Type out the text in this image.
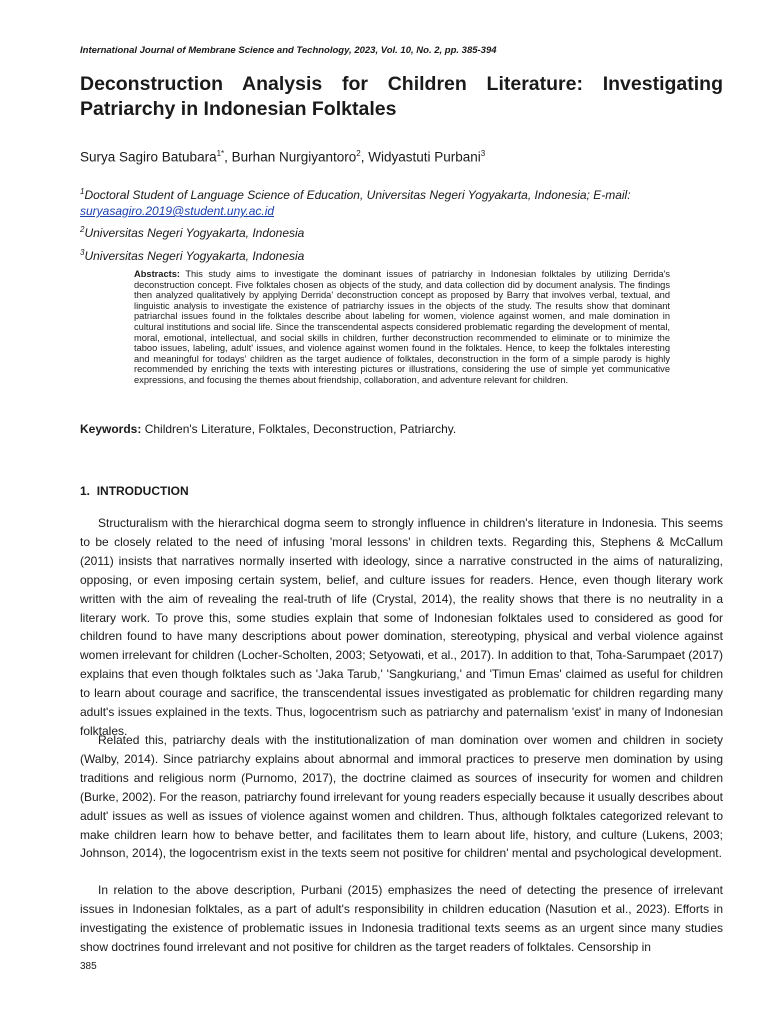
International Journal of Membrane Science and Technology, 2023, Vol. 10, No. 2, pp. 385-394
Deconstruction Analysis for Children Literature: Investigating Patriarchy in Indonesian Folktales
Surya Sagiro Batubara$^{1*}$, Burhan Nurgiyantoro$^2$, Widyastuti Purbani$^3$
$^1$Doctoral Student of Language Science of Education, Universitas Negeri Yogyakarta, Indonesia; E-mail: suryasagiro.2019@student.uny.ac.id
$^2$Universitas Negeri Yogyakarta, Indonesia
$^3$Universitas Negeri Yogyakarta, Indonesia
Abstracts: This study aims to investigate the dominant issues of patriarchy in Indonesian folktales by utilizing Derrida's deconstruction concept. Five folktales chosen as objects of the study, and data collection did by document analysis. The findings then analyzed qualitatively by applying Derrida' deconstruction concept as proposed by Barry that involves verbal, textual, and linguistic analysis to investigate the existence of patriarchy issues in the objects of the study. The results show that dominant patriarchal issues found in the folktales describe about labeling for women, violence against women, and male domination in cultural institutions and social life. Since the transcendental aspects considered problematic regarding the development of mental, moral, emotional, intellectual, and social skills in children, further deconstruction recommended to eliminate or to minimize the taboo issues, labeling, adult' issues, and violence against women found in the folktales. Hence, to keep the folktales interesting and meaningful for todays' children as the target audience of folktales, deconstruction in the form of a simple parody is highly recommended by enriching the texts with interesting pictures or illustrations, considering the use of simple yet communicative expressions, and focusing the themes about friendship, collaboration, and adventure relevant for children.
Keywords: Children's Literature, Folktales, Deconstruction, Patriarchy.
1. INTRODUCTION

Structuralism with the hierarchical dogma seem to strongly influence in children's literature in Indonesia. This seems to be closely related to the need of infusing 'moral lessons' in children texts. Regarding this, Stephens & McCallum (2011) insists that narratives normally inserted with ideology, since a narrative constructed in the aims of naturalizing, opposing, or even imposing certain system, belief, and culture issues for readers. Hence, even though literary work written with the aim of revealing the real-truth of life (Crystal, 2014), the reality shows that there is no neutrality in a literary work. To prove this, some studies explain that some of Indonesian folktales used to considered as good for children found to have many descriptions about power domination, stereotyping, physical and verbal violence against women irrelevant for children (Locher-Scholten, 2003; Setyowati, et al., 2017). In addition to that, Toha-Sarumpaet (2017) explains that even though folktales such as 'Jaka Tarub,' 'Sangkuriang,' and 'Timun Emas' claimed as useful for children to learn about courage and sacrifice, the transcendental issues investigated as problematic for children regarding many adult's issues explained in the texts. Thus, logocentrism such as patriarchy and paternalism 'exist' in many of Indonesian folktales.

Related this, patriarchy deals with the institutionalization of man domination over women and children in society (Walby, 2014). Since patriarchy explains about abnormal and immoral practices to preserve men domination by using traditions and religious norm (Purnomo, 2017), the doctrine claimed as sources of insecurity for women and children (Burke, 2002). For the reason, patriarchy found irrelevant for young readers especially because it usually describes about adult' issues as well as issues of violence against women and children. Thus, although folktales categorized relevant to make children learn how to behave better, and facilitates them to learn about life, history, and culture (Lukens, 2003; Johnson, 2014), the logocentrism exist in the texts seem not positive for children' mental and psychological development.

In relation to the above description, Purbani (2015) emphasizes the need of detecting the presence of irrelevant issues in Indonesian folktales, as a part of adult's responsibility in children education (Nasution et al., 2023). Efforts in investigating the existence of problematic issues in Indonesia traditional texts seems as an urgent since many studies show doctrines found irrelevant and not positive for children as the target readers of folktales. Censorship in

385
